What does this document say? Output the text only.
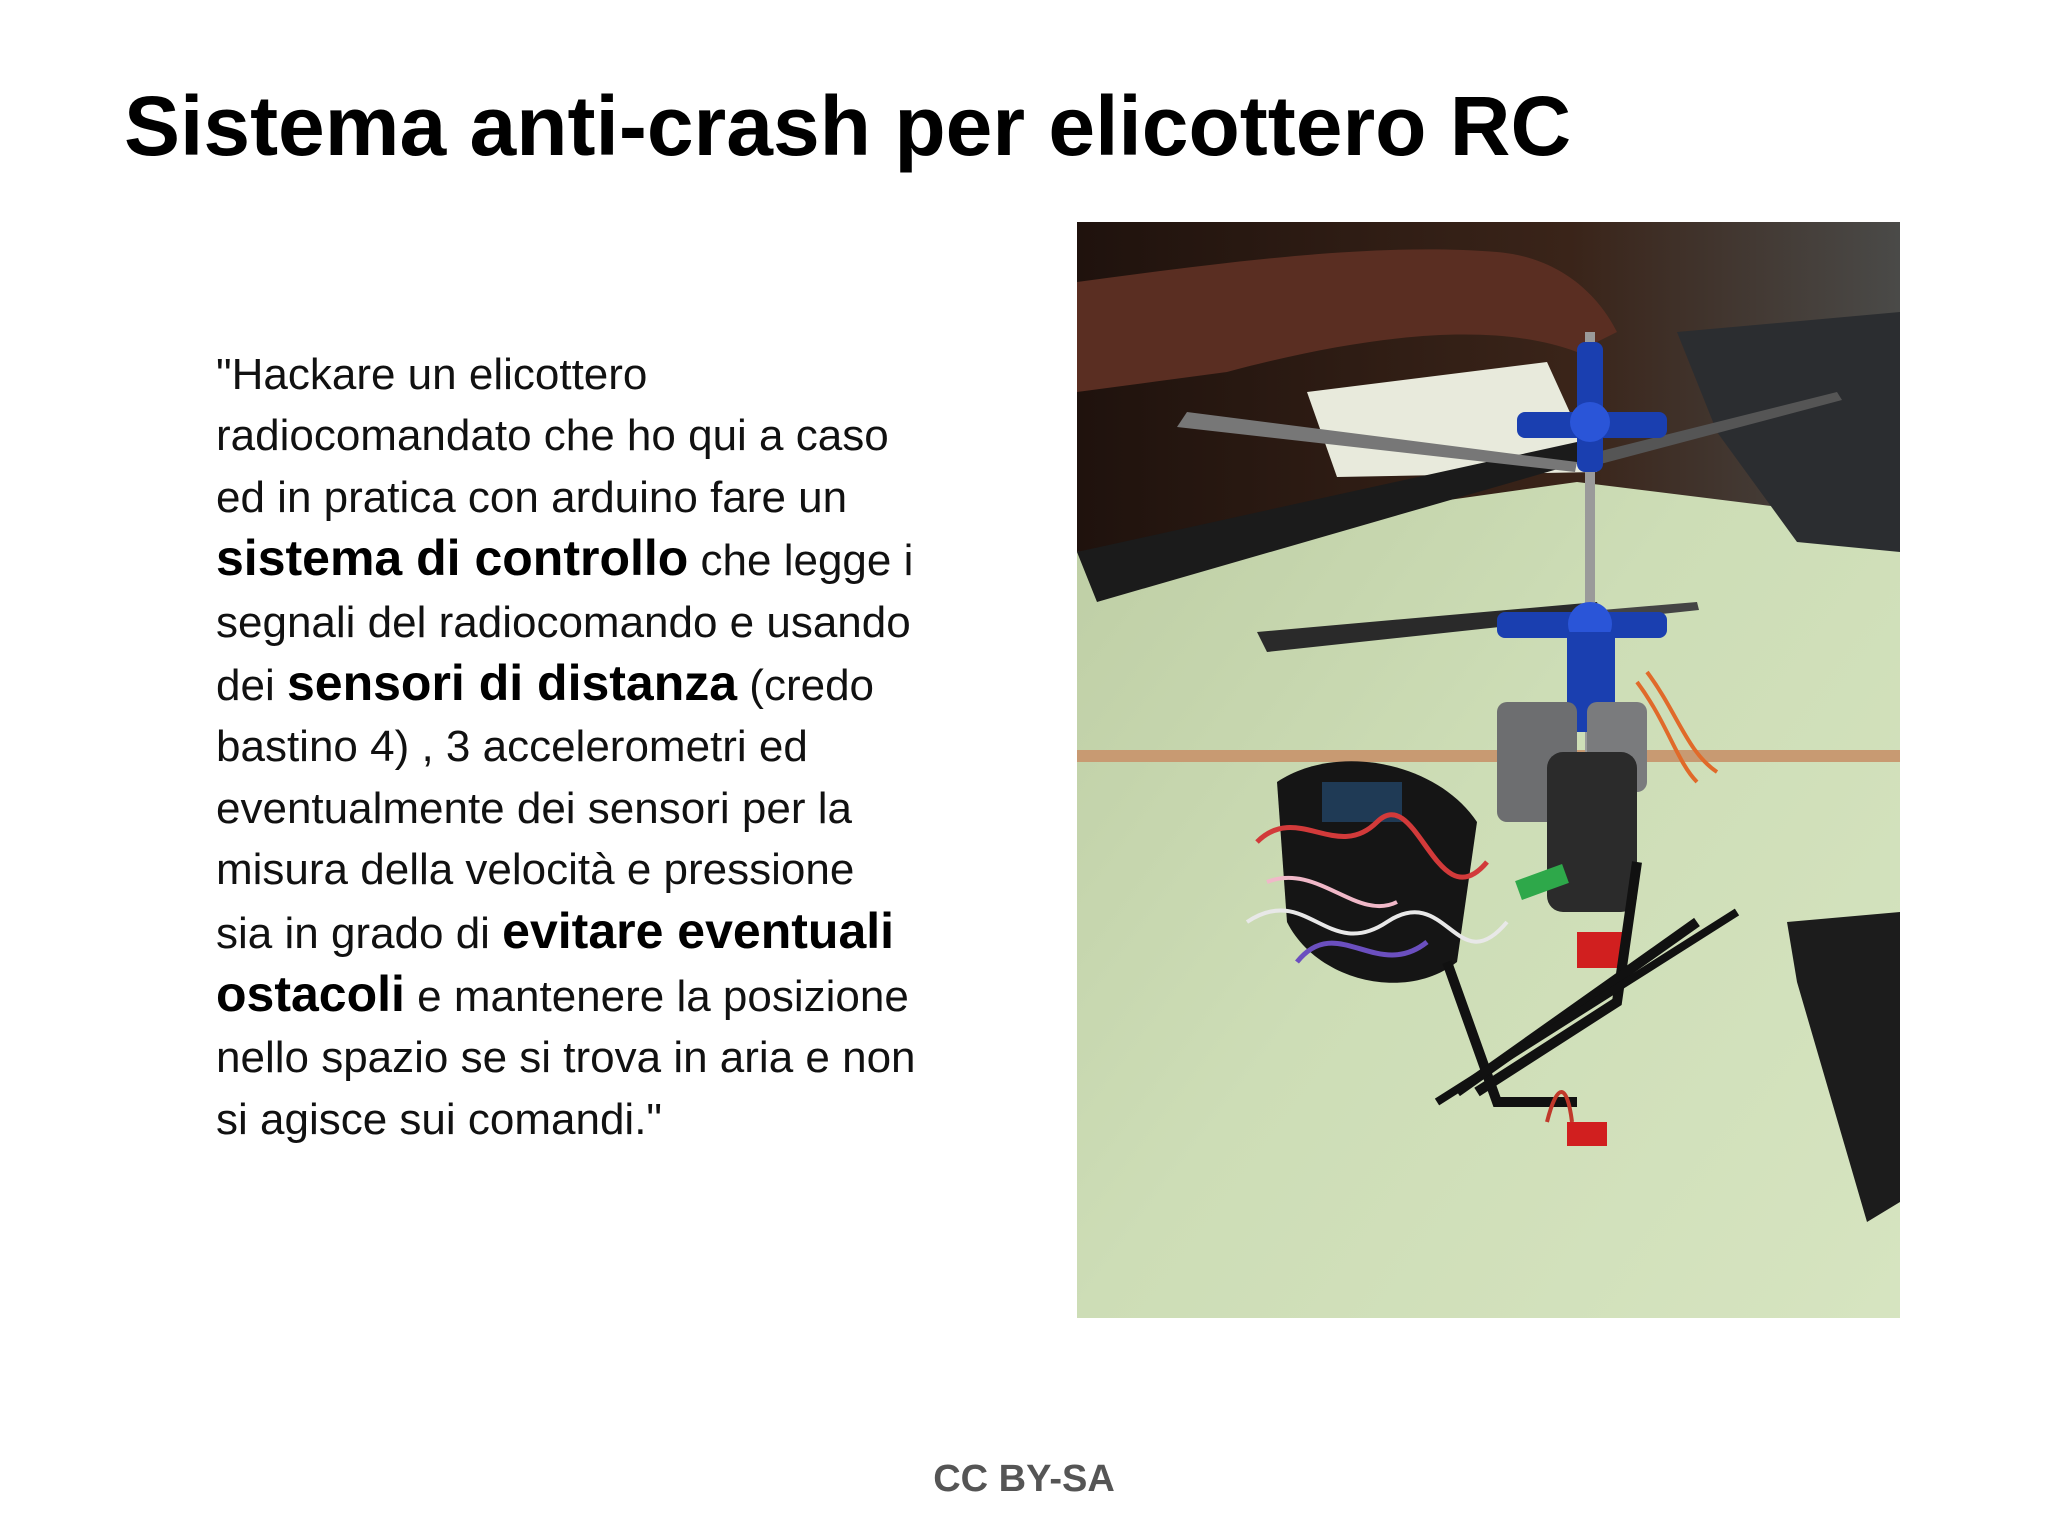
Sistema anti-crash per elicottero RC
"Hackare un elicottero
radiocomandato che ho qui a caso
ed in pratica con arduino fare un
sistema di controllo che legge i
segnali del radiocomando e usando
dei sensori di distanza (credo
bastino 4) , 3 accelerometri ed
eventualmente dei sensori per la
misura della velocità e pressione
sia in grado di evitare eventuali
ostacoli e mantenere la posizione
nello spazio se si trova in aria e non
si agisce sui comandi."
CC BY-SA
